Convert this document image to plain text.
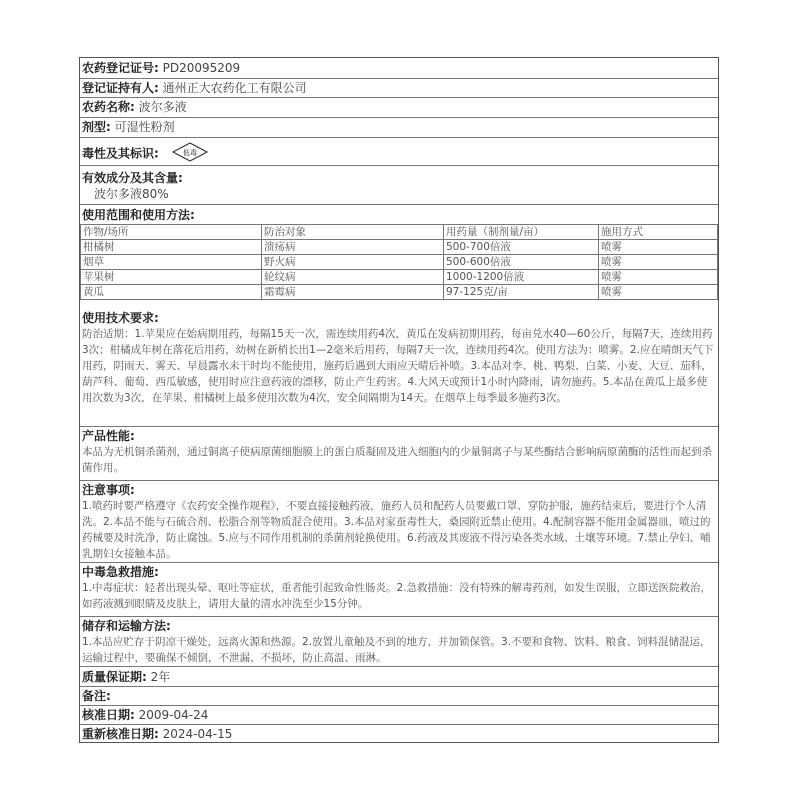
农药登记证号: PD20095209
登记证持有人: 通州正大农药化工有限公司
农药名称: 波尔多液
剂型: 可湿性粉剂
毒性及其标识:	低毒
有效成分及其含量:
波尔多液80%
使用范围和使用方法:
作物/场所	防治对象	用药量（制剂量/亩）	施用方式
柑橘树	溃疡病	500-700倍液	喷雾
烟草	野火病	500-600倍液	喷雾
苹果树	轮纹病	1000-1200倍液	喷雾
黄瓜	霜霉病	97-125克/亩	喷雾
使用技术要求:
防治适期：1.苹果应在始病期用药，每隔15天一次，需连续用药4次，黄瓜在发病初期用药，每亩兑水40—60公斤，每隔7天，连续用药3次；柑橘成年树在落花后用药，幼树在新梢长出1—2毫米后用药，每隔7天一次，连续用药4次。使用方法为：喷雾。2.应在晴朗天气下用药，阴雨天、雾天、早晨露水未干时均不能使用，施药后遇到大雨应天晴后补喷。3.本品对李、桃、鸭梨、白菜、小麦、大豆、茄科、葫芦科、葡萄、西瓜敏感，使用时应注意药液的漂移，防止产生药害。4.大风天或预计1小时内降雨，请勿施药。5.本品在黄瓜上最多使用次数为3次，在苹果、柑橘树上最多使用次数为4次，安全间隔期为14天。在烟草上每季最多施药3次。
产品性能:
本品为无机铜杀菌剂，通过铜离子使病原菌细胞膜上的蛋白质凝固及进入细胞内的少量铜离子与某些酶结合影响病原菌酶的活性而起到杀菌作用。
注意事项:
1.喷药时要严格遵守《农药安全操作规程》，不要直接接触药液，施药人员和配药人员要戴口罩、穿防护服，施药结束后，要进行个人清洗。2.本品不能与石硫合剂、松脂合剂等物质混合使用。3.本品对家蚕毒性大，桑园附近禁止使用。4.配制容器不能用金属器皿，喷过的药械要及时洗净，防止腐蚀。5.应与不同作用机制的杀菌剂轮换使用。6.药液及其废液不得污染各类水域、土壤等环境。7.禁止孕妇、哺乳期妇女接触本品。
中毒急救措施:
1.中毒症状：轻者出现头晕、呕吐等症状，重者能引起致命性肠炎。2.急救措施：没有特殊的解毒药剂，如发生误服，立即送医院救治，如药液溅到眼睛及皮肤上，请用大量的清水冲洗至少15分钟。
储存和运输方法:
1.本品应贮存于阴凉干燥处，远离火源和热源。2.放置儿童触及不到的地方，并加锁保管。3.不要和食物、饮料、粮食、饲料混储混运，运输过程中，要确保不倾倒，不泄漏、不损坏，防止高温、雨淋。
质量保证期: 2年
备注:
核准日期: 2009-04-24
重新核准日期: 2024-04-15
